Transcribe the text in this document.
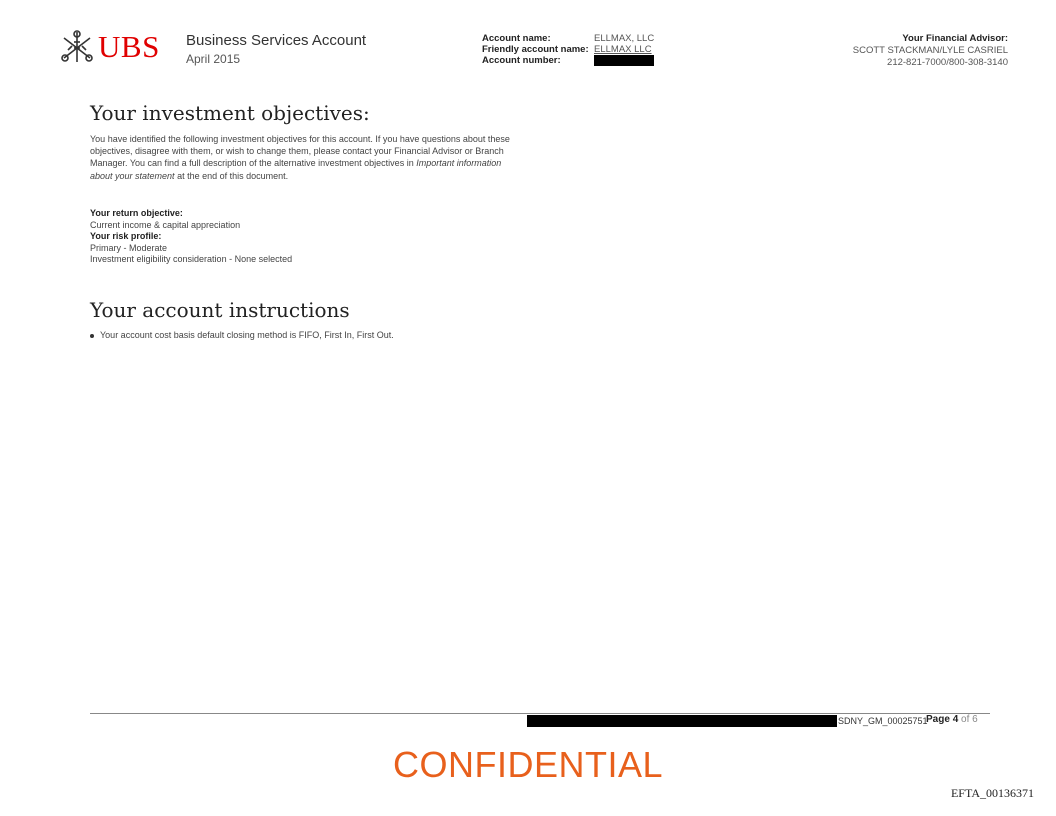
UBS Business Services Account
April 2015
Account name:	ELLMAX, LLC
Friendly account name: ELLMAX LLC
Account number:
Your Financial Advisor:
SCOTT STACKMAN/LYLE CASRIEL
212-821-7000/800-308-3140
Your investment objectives:
You have identified the following investment objectives for this account. If you have questions about these objectives, disagree with them, or wish to change them, please contact your Financial Advisor or Branch Manager. You can find a full description of the alternative investment objectives in Important information about your statement at the end of this document.
Your return objective:
Current income & capital appreciation
Your risk profile:
Primary - Moderate
Investment eligibility consideration - None selected
Your account instructions
Your account cost basis default closing method is FIFO, First In, First Out.
SDNY_GM_00025751
Page 4 of 6
CONFIDENTIAL
EFTA_00136371
